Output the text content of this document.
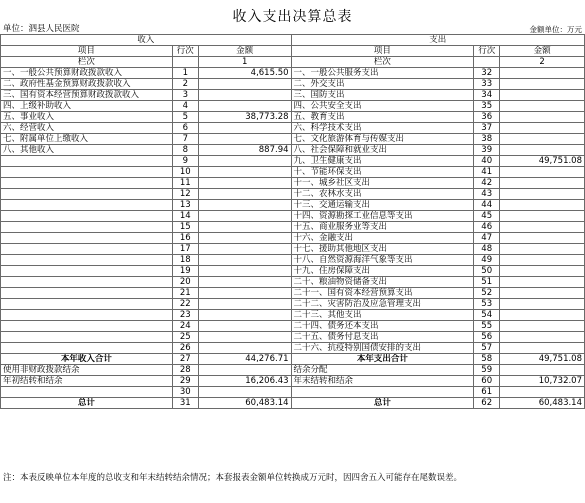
收入支出决算总表
单位：泗县人民医院	金额单位：万元
收入			支出		
项目	行次	金额	项目	行次	金额
栏次		1	栏次		2
一、一般公共预算财政拨款收入	1	4,615.50	一、一般公共服务支出	32	
二、政府性基金预算财政拨款收入	2		二、外交支出	33	
三、国有资本经营预算财政拨款收入	3		三、国防支出	34	
四、上级补助收入	4		四、公共安全支出	35	
五、事业收入	5	38,773.28	五、教育支出	36	
六、经营收入	6		六、科学技术支出	37	
七、附属单位上缴收入	7		七、文化旅游体育与传媒支出	38	
八、其他收入	8	887.94	八、社会保障和就业支出	39	
	9		九、卫生健康支出	40	49,751.08
	10		十、节能环保支出	41	
	11		十一、城乡社区支出	42	
	12		十二、农林水支出	43	
	13		十三、交通运输支出	44	
	14		十四、资源勘探工业信息等支出	45	
	15		十五、商业服务业等支出	46	
	16		十六、金融支出	47	
	17		十七、援助其他地区支出	48	
	18		十八、自然资源海洋气象等支出	49	
	19		十九、住房保障支出	50	
	20		二十、粮油物资储备支出	51	
	21		二十一、国有资本经营预算支出	52	
	22		二十二、灾害防治及应急管理支出	53	
	23		二十三、其他支出	54	
	24		二十四、债务还本支出	55	
	25		二十五、债务付息支出	56	
	26		二十六、抗疫特别国债安排的支出	57	
本年收入合计	27	44,276.71	本年支出合计	58	49,751.08
使用非财政拨款结余	28		结余分配	59	
年初结转和结余	29	16,206.43	年末结转和结余	60	10,732.07
	30			61	
总计	31	60,483.14	总计	62	60,483.14
注：本表反映单位本年度的总收支和年末结转结余情况；本套报表金额单位转换成万元时，因四舍五入可能存在尾数误差。
